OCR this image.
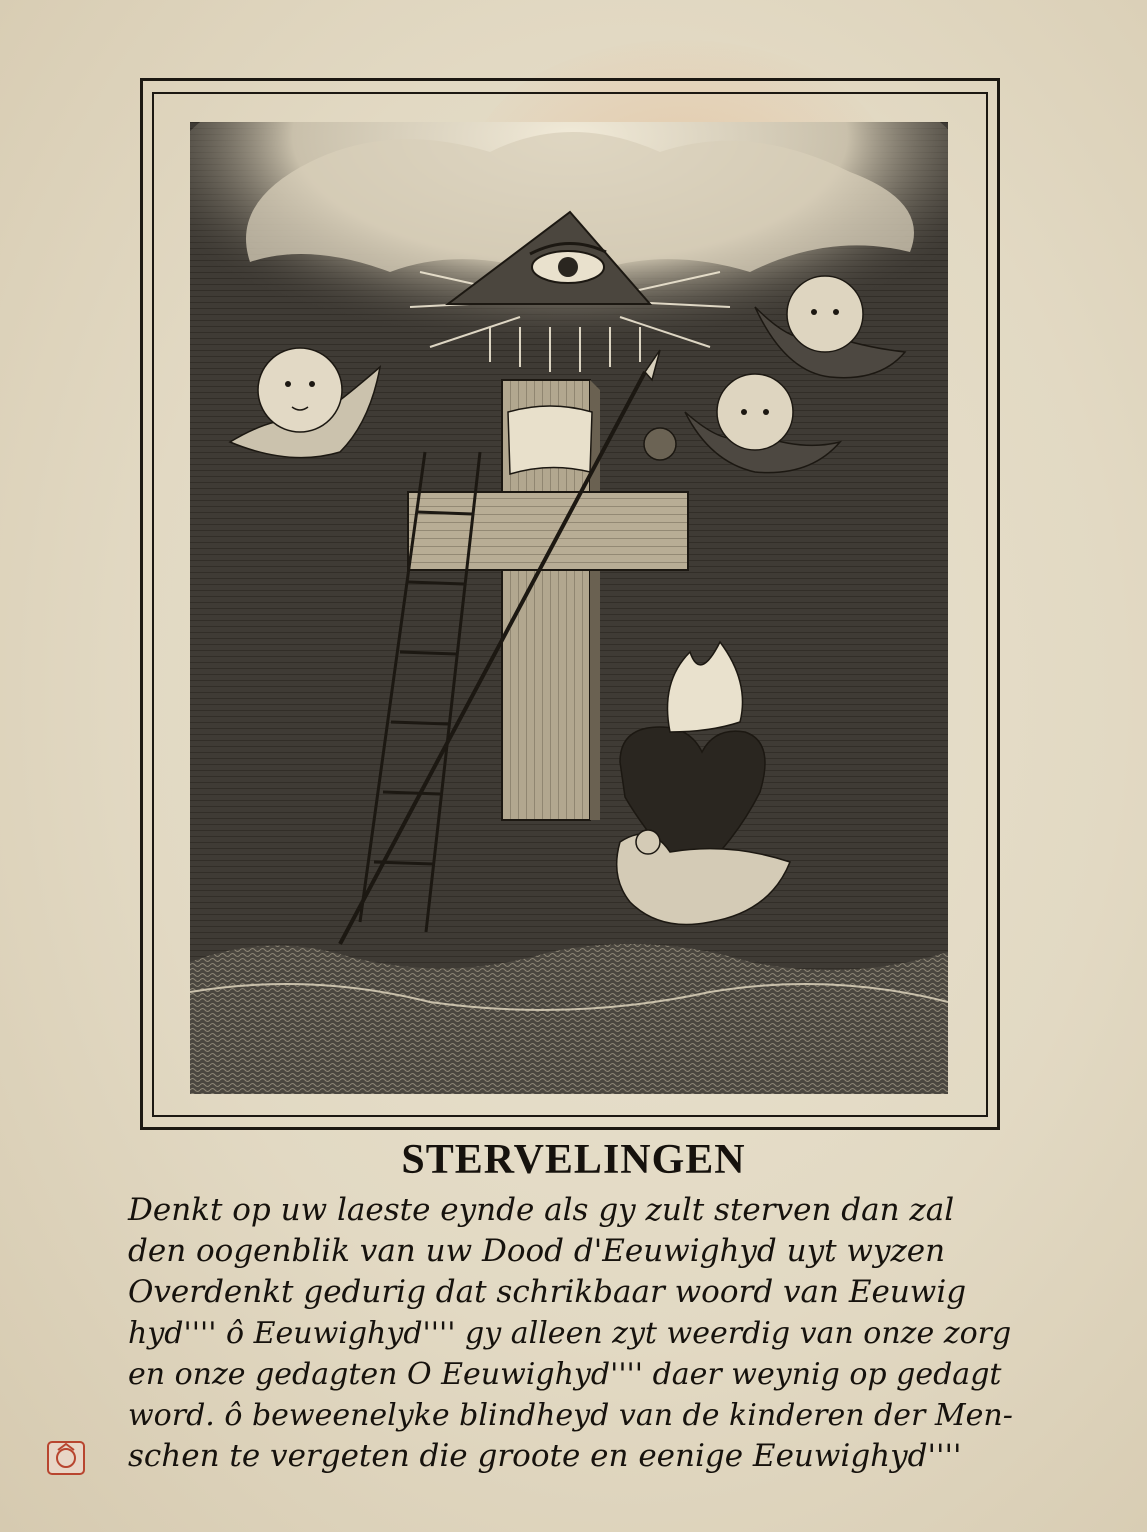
STERVELINGEN
Denkt op uw laeste eynde als gy zult sterven dan zal
den oogenblik van uw Dood d'Eeuwighyd uyt wyzen
Overdenkt gedurig dat schrikbaar woord van Eeuwig
hyd'''' ô Eeuwighyd'''' gy alleen zyt weerdig van onze zorg
en onze gedagten O Eeuwighyd'''' daer weynig op gedagt
word. ô beweenelyke blindheyd van de kinderen der Men-
schen te vergeten die groote en eenige Eeuwighyd''''
